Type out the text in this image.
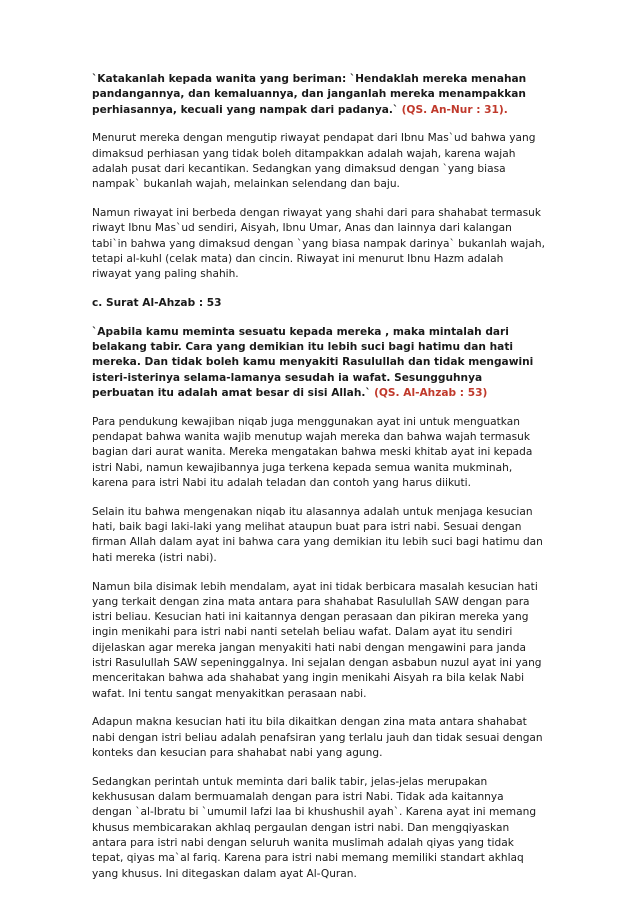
`Katakanlah kepada wanita yang beriman: `Hendaklah mereka menahan pandangannya, dan kemaluannya, dan janganlah mereka menampakkan perhiasannya, kecuali yang nampak dari padanya.` (QS. An-Nur : 31).

Menurut mereka dengan mengutip riwayat pendapat dari Ibnu Mas`ud bahwa yang dimaksud perhiasan yang tidak boleh ditampakkan adalah wajah, karena wajah adalah pusat dari kecantikan. Sedangkan yang dimaksud dengan `yang biasa nampak` bukanlah wajah, melainkan selendang dan baju.

Namun riwayat ini berbeda dengan riwayat yang shahi dari para shahabat termasuk riwayt Ibnu Mas`ud sendiri, Aisyah, Ibnu Umar, Anas dan lainnya dari kalangan tabi`in bahwa yang dimaksud dengan `yang biasa nampak darinya` bukanlah wajah, tetapi al-kuhl (celak mata) dan cincin. Riwayat ini menurut Ibnu Hazm adalah riwayat yang paling shahih.

c. Surat Al-Ahzab : 53

`Apabila kamu meminta sesuatu kepada mereka , maka mintalah dari belakang tabir. Cara yang demikian itu lebih suci bagi hatimu dan hati mereka. Dan tidak boleh kamu menyakiti Rasulullah dan tidak mengawini isteri-isterinya selama-lamanya sesudah ia wafat. Sesungguhnya perbuatan itu adalah amat besar di sisi Allah.` (QS. Al-Ahzab : 53)

Para pendukung kewajiban niqab juga menggunakan ayat ini untuk menguatkan pendapat bahwa wanita wajib menutup wajah mereka dan bahwa wajah termasuk bagian dari aurat wanita. Mereka mengatakan bahwa meski khitab ayat ini kepada istri Nabi, namun kewajibannya juga terkena kepada semua wanita mukminah, karena para istri Nabi itu adalah teladan dan contoh yang harus diikuti.

Selain itu bahwa mengenakan niqab itu alasannya adalah untuk menjaga kesucian hati, baik bagi laki-laki yang melihat ataupun buat para istri nabi. Sesuai dengan firman Allah dalam ayat ini bahwa cara yang demikian itu lebih suci bagi hatimu dan hati mereka (istri nabi).

Namun bila disimak lebih mendalam, ayat ini tidak berbicara masalah kesucian hati yang terkait dengan zina mata antara para shahabat Rasulullah SAW dengan para istri beliau. Kesucian hati ini kaitannya dengan perasaan dan pikiran mereka yang ingin menikahi para istri nabi nanti setelah beliau wafat. Dalam ayat itu sendiri dijelaskan agar mereka jangan menyakiti hati nabi dengan mengawini para janda istri Rasulullah SAW sepeninggalnya. Ini sejalan dengan asbabun nuzul ayat ini yang menceritakan bahwa ada shahabat yang ingin menikahi Aisyah ra bila kelak Nabi wafat. Ini tentu sangat menyakitkan perasaan nabi.

Adapun makna kesucian hati itu bila dikaitkan dengan zina mata antara shahabat nabi dengan istri beliau adalah penafsiran yang terlalu jauh dan tidak sesuai dengan konteks dan kesucian para shahabat nabi yang agung.

Sedangkan perintah untuk meminta dari balik tabir, jelas-jelas merupakan kekhususan dalam bermuamalah dengan para istri Nabi. Tidak ada kaitannya dengan `al-Ibratu bi `umumil lafzi laa bi khushushil ayah`. Karena ayat ini memang khusus membicarakan akhlaq pergaulan dengan istri nabi. Dan mengqiyaskan antara para istri nabi dengan seluruh wanita muslimah adalah qiyas yang tidak tepat, qiyas ma`al fariq. Karena para istri nabi memang memiliki standart akhlaq yang khusus. Ini ditegaskan dalam ayat Al-Quran.
